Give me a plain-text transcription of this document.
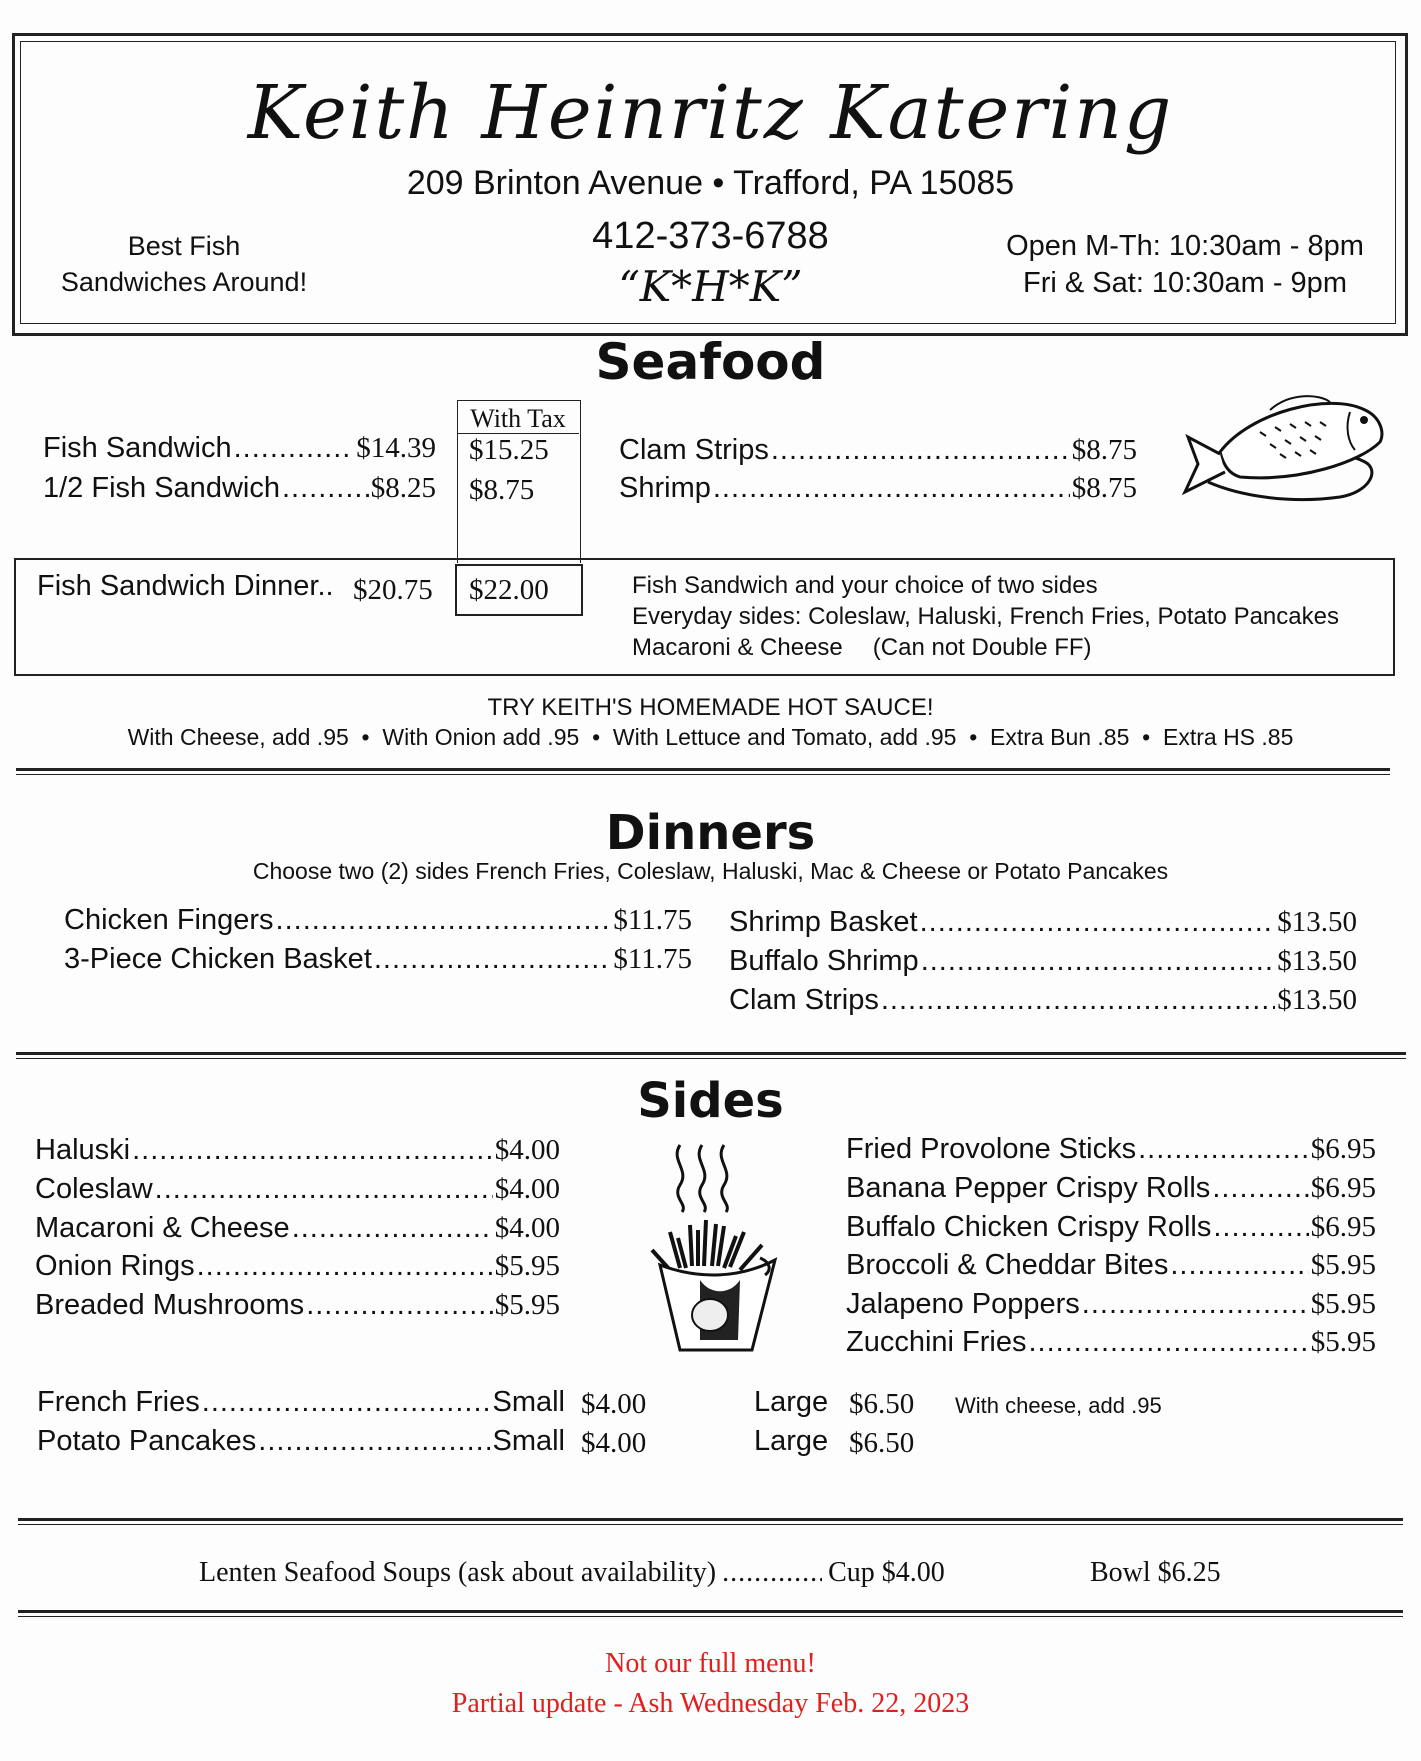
Keith Heinritz Katering
209 Brinton Avenue • Trafford, PA 15085
412-373-6788
“K*H*K”
Best Fish
Sandwiches Around!
Open M-Th: 10:30am - 8pm
Fri & Sat: 10:30am - 9pm
Seafood
With Tax
Fish Sandwich .....	$14.39 $15.25
1/2 Fish Sandwich .....	$8.25 $8.75
Clam Strips .....	$8.75
Shrimp .....	$8.75
Fish Sandwich Dinner.. $20.75 $22.00	Fish Sandwich and your choice of two sides
Everyday sides: Coleslaw, Haluski, French Fries, Potato Pancakes
Macaroni & Cheese (Can not Double FF)
TRY KEITH'S HOMEMADE HOT SAUCE!
With Cheese, add .95  •  With Onion add .95  •  With Lettuce and Tomato, add .95  •  Extra Bun .85  •  Extra HS .85
Dinners
Choose two (2) sides French Fries, Coleslaw, Haluski, Mac & Cheese or Potato Pancakes
Chicken Fingers .....	$11.75
3-Piece Chicken Basket .....	$11.75
Shrimp Basket .....	$13.50
Buffalo Shrimp .....	$13.50
Clam Strips .....	$13.50
Sides
Haluski .....	$4.00
Coleslaw .....	$4.00
Macaroni & Cheese .....	$4.00
Onion Rings .....	$5.95
Breaded Mushrooms .....	$5.95
Fried Provolone Sticks .....	$6.95
Banana Pepper Crispy Rolls .....	$6.95
Buffalo Chicken Crispy Rolls .....	$6.95
Broccoli & Cheddar Bites .....	$5.95
Jalapeno Poppers .....	$5.95
Zucchini Fries .....	$5.95
French Fries .....	Small $4.00	Large $6.50 With cheese, add .95
Potato Pancakes .....	Small $4.00	Large $6.50
Lenten Seafood Soups (ask about availability) .....	Cup $4.00	Bowl $6.25
Not our full menu!
Partial update - Ash Wednesday Feb. 22, 2023
